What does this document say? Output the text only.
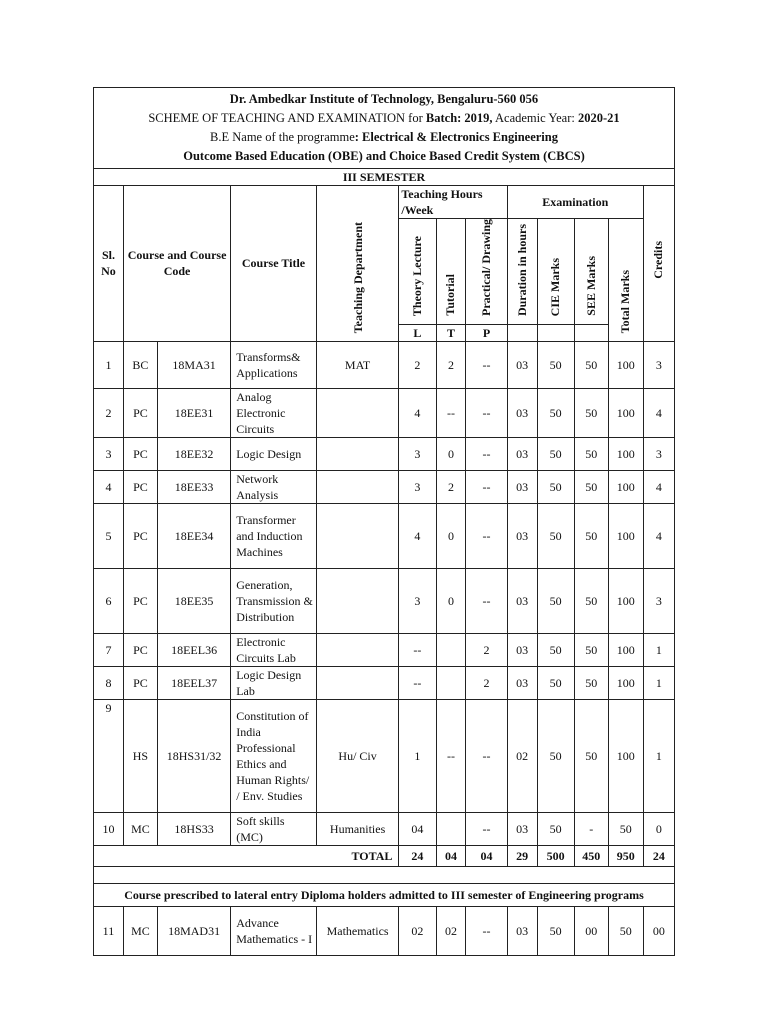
Dr. Ambedkar Institute of Technology, Bengaluru-560 056
SCHEME OF TEACHING AND EXAMINATION for Batch: 2019, Academic Year: 2020-21
B.E Name of the programme: Electrical & Electronics Engineering
Outcome Based Education (OBE) and Choice Based Credit System (CBCS)												

III SEMESTER												
Sl. No	Course and Course Code		Course Title	Teaching Department	Teaching Hours /Week			Examination				Credits
					Theory Lecture	Tutorial	Practical/ Drawing	Duration in hours	CIE Marks	SEE Marks	Total Marks	
					L	T	P					
1	BC	18MA31	Transforms& Applications	MAT	2	2	--	03	50	50	100	3
2	PC	18EE31	Analog Electronic Circuits		4	--	--	03	50	50	100	4
3	PC	18EE32	Logic Design		3	0	--	03	50	50	100	3
4	PC	18EE33	Network Analysis		3	2	--	03	50	50	100	4
5	PC	18EE34	Transformer and Induction Machines		4	0	--	03	50	50	100	4
6	PC	18EE35	Generation, Transmission & Distribution		3	0	--	03	50	50	100	3
7	PC	18EEL36	Electronic Circuits Lab		--		2	03	50	50	100	1
8	PC	18EEL37	Logic Design Lab		--		2	03	50	50	100	1
9	HS	18HS31/32	Constitution of India Professional Ethics and Human Rights/ / Env. Studies	Hu/ Civ	1	--	--	02	50	50	100	1
10	MC	18HS33	Soft skills (MC)	Humanities	04		--	03	50	-	50	0
TOTAL					24	04	04	29	500	450	950	24

Course prescribed to lateral entry Diploma holders admitted to III semester of Engineering programs												
11	MC	18MAD31	Advance Mathematics - I	Mathematics	02	02	--	03	50	00	50	00
